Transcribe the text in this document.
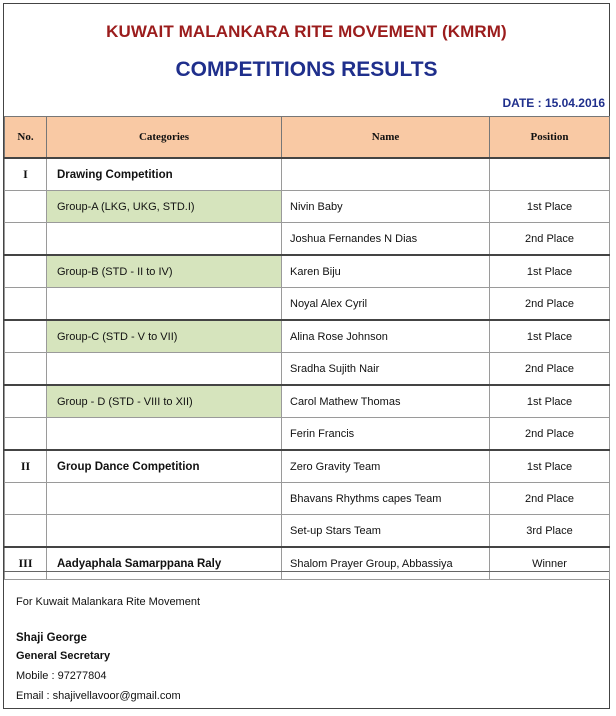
KUWAIT MALANKARA RITE MOVEMENT (KMRM)
COMPETITIONS RESULTS
DATE : 15.04.2016
No.	Categories	Name	Position
I	Drawing Competition		
	Group-A (LKG, UKG, STD.I)	Nivin Baby	1st Place
		Joshua Fernandes N Dias	2nd Place
	Group-B (STD - II to IV)	Karen Biju	1st Place
		Noyal Alex Cyril	2nd Place
	Group-C (STD - V to VII)	Alina Rose Johnson	1st Place
		Sradha Sujith Nair	2nd Place
	Group - D (STD - VIII to XII)	Carol Mathew Thomas	1st Place
		Ferin Francis	2nd Place
II	Group Dance Competition	Zero Gravity Team	1st Place
		Bhavans Rhythms capes Team	2nd Place
		Set-up Stars Team	3rd Place
III	Aadyaphala Samarppana Raly	Shalom Prayer Group, Abbassiya	Winner
For Kuwait Malankara Rite Movement
Shaji George
General Secretary
Mobile : 97277804
Email : shajivellavoor@gmail.com
